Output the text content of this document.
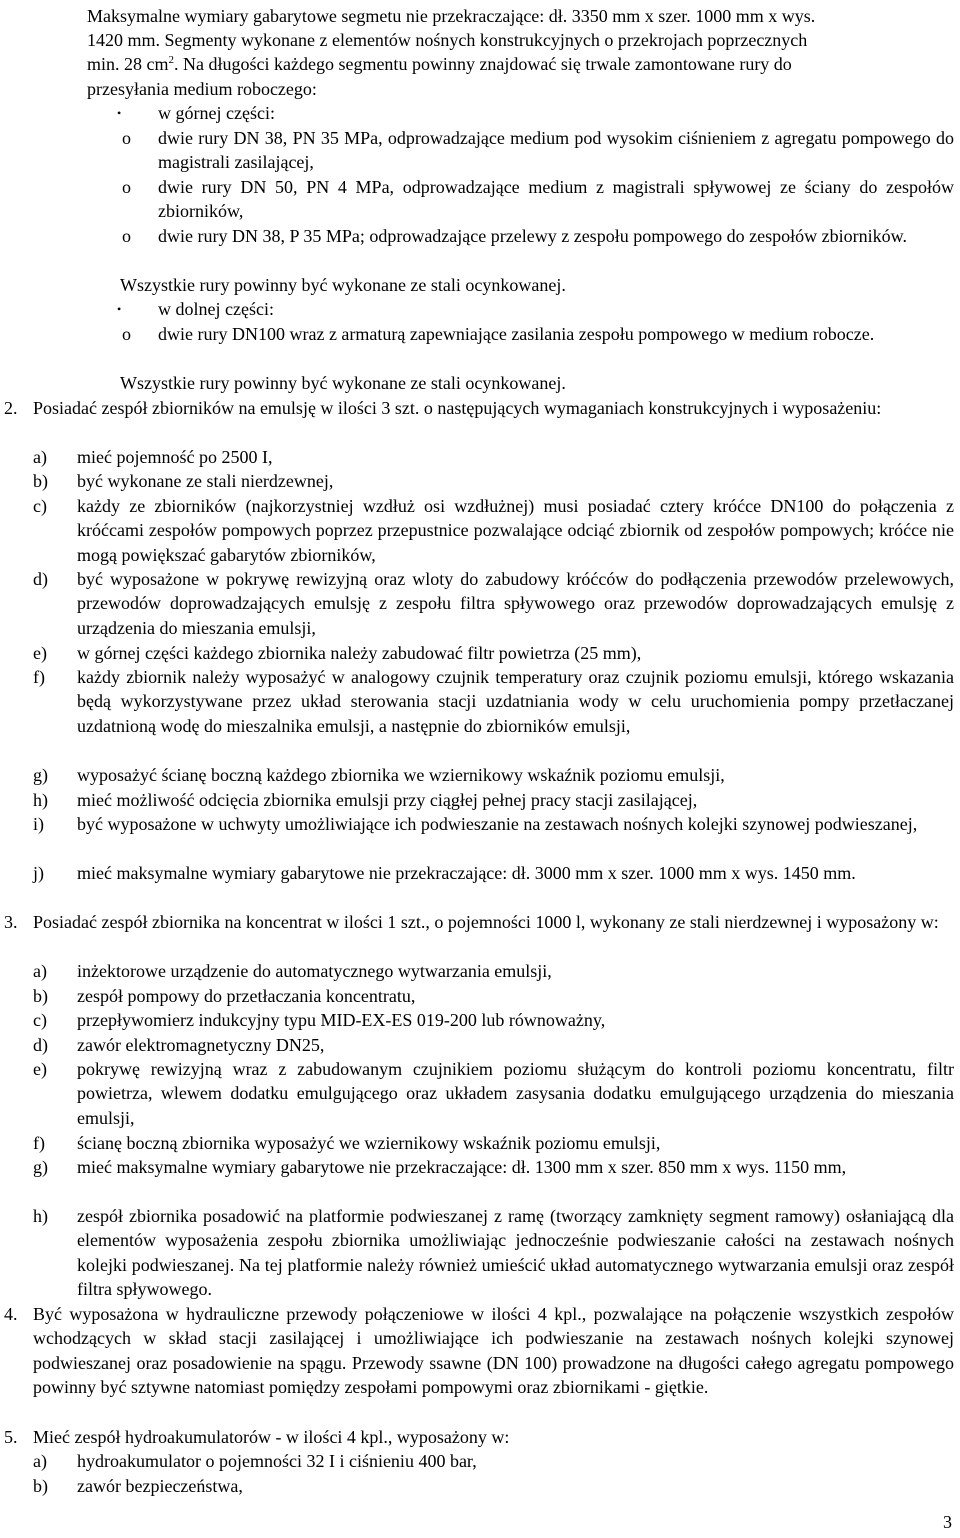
Maksymalne wymiary gabarytowe segmetu nie przekraczające: dł. 3350 mm x szer. 1000 mm x wys.
1420 mm. Segmenty wykonane z elementów nośnych konstrukcyjnych o przekrojach poprzecznych
min. 28 $cm^2$. Na długości każdego segmentu powinny znajdować się trwale zamontowane rury do
przesyłania medium roboczego:
• w górnej części:
o dwie rury DN 38, PN 35 MPa, odprowadzające medium pod wysokim ciśnieniem z agregatu pompowego do magistrali zasilającej,
o dwie rury DN 50, PN 4 MPa, odprowadzające medium z magistrali spływowej ze ściany do zespołów zbiorników,
o dwie rury DN 38, P 35 MPa; odprowadzające przelewy z zespołu pompowego do zespołów zbiorników.
Wszystkie rury powinny być wykonane ze stali ocynkowanej.
• w dolnej części:
o dwie rury DN100 wraz z armaturą zapewniające zasilania zespołu pompowego w medium robocze.
Wszystkie rury powinny być wykonane ze stali ocynkowanej.
2. Posiadać zespół zbiorników na emulsję w ilości 3 szt. o następujących wymaganiach konstrukcyjnych i wyposażeniu:
a) mieć pojemność po 2500 I,
b) być wykonane ze stali nierdzewnej,
c) każdy ze zbiorników (najkorzystniej wzdłuż osi wzdłużnej) musi posiadać cztery króćce DN100 do połączenia z króćcami zespołów pompowych poprzez przepustnice pozwalające odciąć zbiornik od zespołów pompowych; króćce nie mogą powiększać gabarytów zbiorników,
d) być wyposażone w pokrywę rewizyjną oraz wloty do zabudowy króćców do podłączenia przewodów przelewowych, przewodów doprowadzających emulsję z zespołu filtra spływowego oraz przewodów doprowadzających emulsję z urządzenia do mieszania emulsji,
e) w górnej części każdego zbiornika należy zabudować filtr powietrza (25 mm),
f) każdy zbiornik należy wyposażyć w analogowy czujnik temperatury oraz czujnik poziomu emulsji, którego wskazania będą wykorzystywane przez układ sterowania stacji uzdatniania wody w celu uruchomienia pompy przetłaczanej uzdatnioną wodę do mieszalnika emulsji, a następnie do zbiorników emulsji,
g) wyposażyć ścianę boczną każdego zbiornika we wziernikowy wskaźnik poziomu emulsji,
h) mieć możliwość odcięcia zbiornika emulsji przy ciągłej pełnej pracy stacji zasilającej,
i) być wyposażone w uchwyty umożliwiające ich podwieszanie na zestawach nośnych kolejki szynowej podwieszanej,
j) mieć maksymalne wymiary gabarytowe nie przekraczające: dł. 3000 mm x szer. 1000 mm x wys. 1450 mm.
3. Posiadać zespół zbiornika na koncentrat w ilości 1 szt., o pojemności 1000 l, wykonany ze stali nierdzewnej i wyposażony w:
a) inżektorowe urządzenie do automatycznego wytwarzania emulsji,
b) zespół pompowy do przetłaczania koncentratu,
c) przepływomierz indukcyjny typu MID-EX-ES 019-200 lub równoważny,
d) zawór elektromagnetyczny DN25,
e) pokrywę rewizyjną wraz z zabudowanym czujnikiem poziomu służącym do kontroli poziomu koncentratu, filtr powietrza, wlewem dodatku emulgującego oraz układem zasysania dodatku emulgującego urządzenia do mieszania emulsji,
f) ścianę boczną zbiornika wyposażyć we wziernikowy wskaźnik poziomu emulsji,
g) mieć maksymalne wymiary gabarytowe nie przekraczające: dł. 1300 mm x szer. 850 mm x wys. 1150 mm,
h) zespół zbiornika posadowić na platformie podwieszanej z ramę (tworzący zamknięty segment ramowy) osłaniającą dla elementów wyposażenia zespołu zbiornika umożliwiając jednocześnie podwieszanie całości na zestawach nośnych kolejki podwieszanej. Na tej platformie należy również umieścić układ automatycznego wytwarzania emulsji oraz zespół filtra spływowego.
4. Być wyposażona w hydrauliczne przewody połączeniowe w ilości 4 kpl., pozwalające na połączenie wszystkich zespołów wchodzących w skład stacji zasilającej i umożliwiające ich podwieszanie na zestawach nośnych kolejki szynowej podwieszanej oraz posadowienie na spągu. Przewody ssawne (DN 100) prowadzone na długości całego agregatu pompowego powinny być sztywne natomiast pomiędzy zespołami pompowymi oraz zbiornikami - giętkie.
5. Mieć zespół hydroakumulatorów - w ilości 4 kpl., wyposażony w:
a) hydroakumulator o pojemności 32 I i ciśnieniu 400 bar,
b) zawór bezpieczeństwa,
3
